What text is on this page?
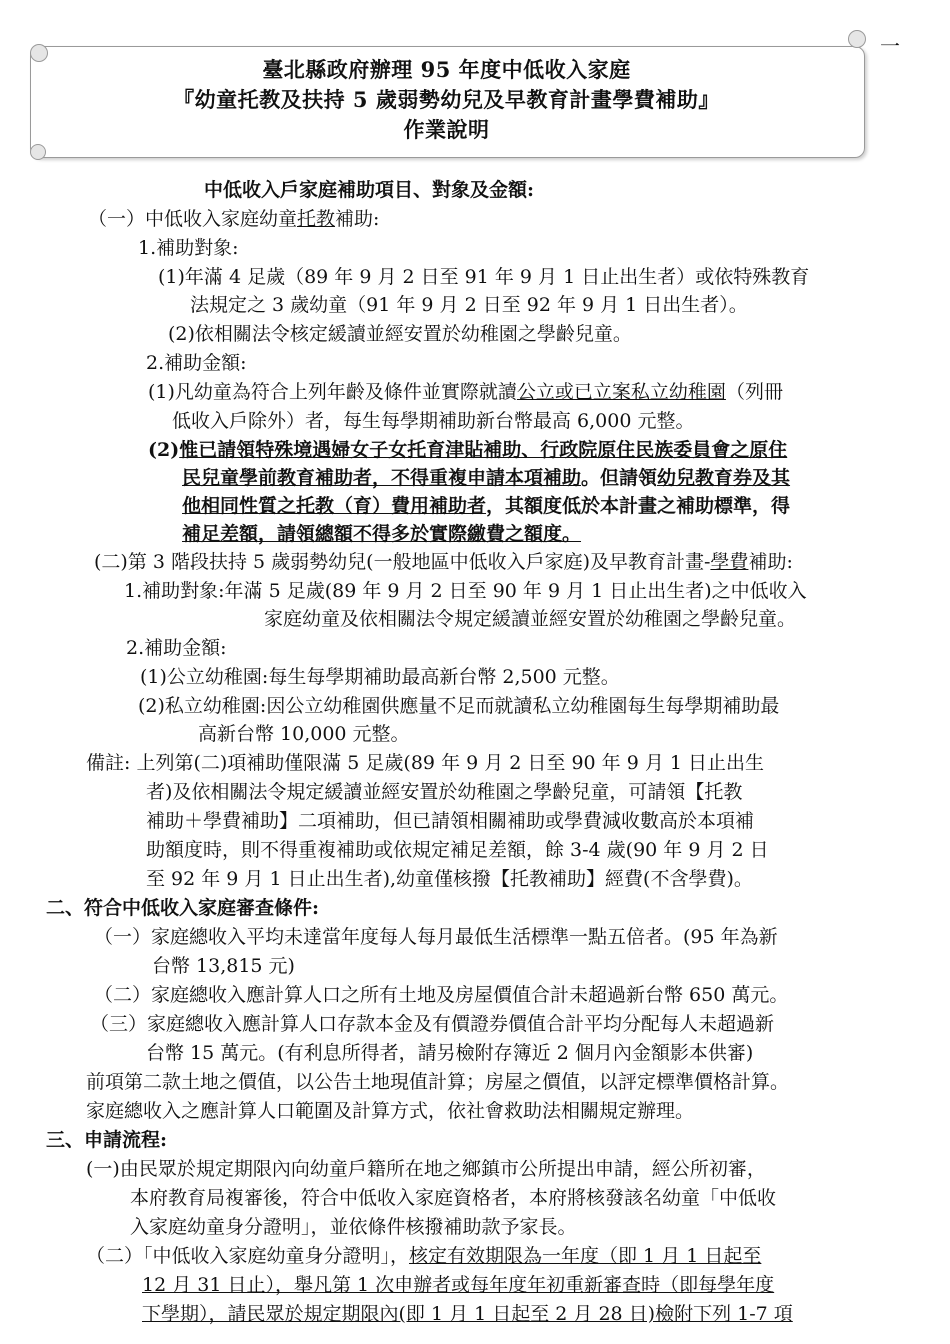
一
臺北縣政府辦理 95 年度中低收入家庭
『幼童托教及扶持 5 歲弱勢幼兒及早教育計畫學費補助』
作業說明
中低收入戶家庭補助項目、對象及金額:
（一）中低收入家庭幼童托教補助:
1.補助對象:
(1)年滿 4 足歲（89 年 9 月 2 日至 91 年 9 月 1 日止出生者）或依特殊教育
法規定之 3 歲幼童（91 年 9 月 2 日至 92 年 9 月 1 日出生者）。
(2)依相關法令核定緩讀並經安置於幼稚園之學齡兒童。
2.補助金額:
(1)凡幼童為符合上列年齡及條件並實際就讀公立或已立案私立幼稚園（列冊
低收入戶除外）者，每生每學期補助新台幣最高 6,000 元整。
(2)惟已請領特殊境遇婦女子女托育津貼補助、行政院原住民族委員會之原住
民兒童學前教育補助者，不得重複申請本項補助。但請領幼兒教育券及其
他相同性質之托教（育）費用補助者，其額度低於本計畫之補助標準，得
補足差額，請領總額不得多於實際繳費之額度。
(二)第 3 階段扶持 5 歲弱勢幼兒(一般地區中低收入戶家庭)及早教育計畫-學費補助:
1.補助對象:年滿 5 足歲(89 年 9 月 2 日至 90 年 9 月 1 日止出生者)之中低收入
家庭幼童及依相關法令規定緩讀並經安置於幼稚園之學齡兒童。
2.補助金額:
(1)公立幼稚園:每生每學期補助最高新台幣 2,500 元整。
(2)私立幼稚園:因公立幼稚園供應量不足而就讀私立幼稚園每生每學期補助最
高新台幣 10,000 元整。
備註: 上列第(二)項補助僅限滿 5 足歲(89 年 9 月 2 日至 90 年 9 月 1 日止出生
者)及依相關法令規定緩讀並經安置於幼稚園之學齡兒童，可請領【托教
補助＋學費補助】二項補助，但已請領相關補助或學費減收數高於本項補
助額度時，則不得重複補助或依規定補足差額，餘 3-4 歲(90 年 9 月 2 日
至 92 年 9 月 1 日止出生者),幼童僅核撥【托教補助】經費(不含學費)。
二、符合中低收入家庭審查條件:
（一）家庭總收入平均未達當年度每人每月最低生活標準一點五倍者。(95 年為新
台幣 13,815 元)
（二）家庭總收入應計算人口之所有土地及房屋價值合計未超過新台幣 650 萬元。
（三）家庭總收入應計算人口存款本金及有價證券價值合計平均分配每人未超過新
台幣 15 萬元。(有利息所得者，請另檢附存簿近 2 個月內金額影本供審)
前項第二款土地之價值，以公告土地現值計算；房屋之價值，以評定標準價格計算。
家庭總收入之應計算人口範圍及計算方式，依社會救助法相關規定辦理。
三、申請流程:
(一)由民眾於規定期限內向幼童戶籍所在地之鄉鎮市公所提出申請，經公所初審，
本府教育局複審後，符合中低收入家庭資格者，本府將核發該名幼童「中低收
入家庭幼童身分證明」，並依條件核撥補助款予家長。
（二）「中低收入家庭幼童身分證明」，核定有效期限為一年度（即 1 月 1 日起至
12 月 31 日止），舉凡第 1 次申辦者或每年度年初重新審查時（即每學年度
下學期），請民眾於規定期限內(即 1 月 1 日起至 2 月 28 日)檢附下列 1-7 項
